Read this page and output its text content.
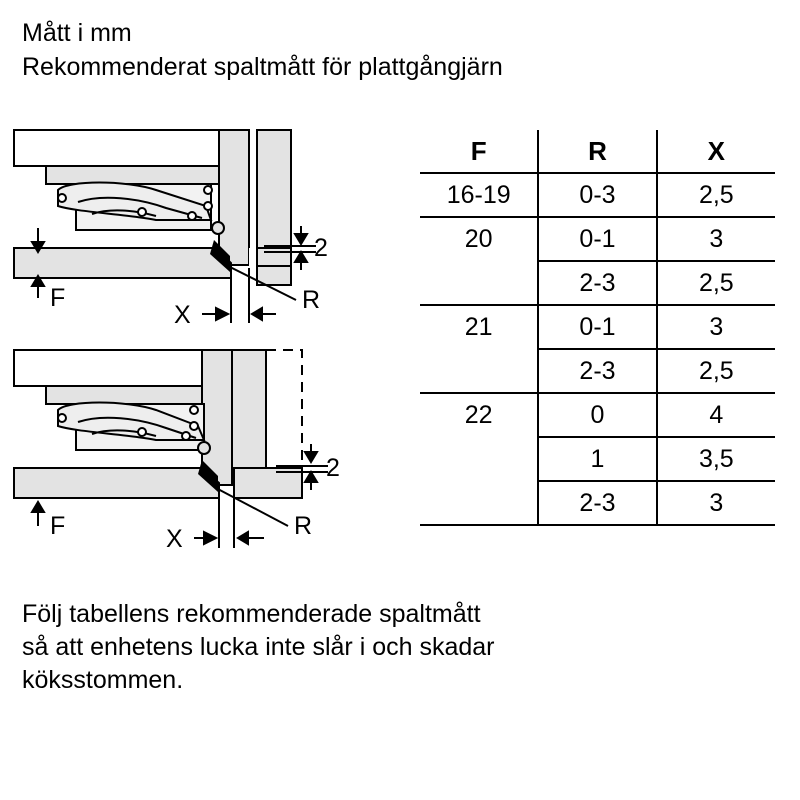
Mått i mm
Rekommenderat spaltmått för plattgångjärn
F
2
X
R
F
2
X	R
F	R	X
16-19	0-3	2,5
20	0-1	3
	2-3	2,5
21	0-1	3
	2-3	2,5
22	0	4
	1	3,5
	2-3	3
Följ tabellens rekommenderade spaltmått
så att enhetens lucka inte slår i och skadar
köksstommen.
